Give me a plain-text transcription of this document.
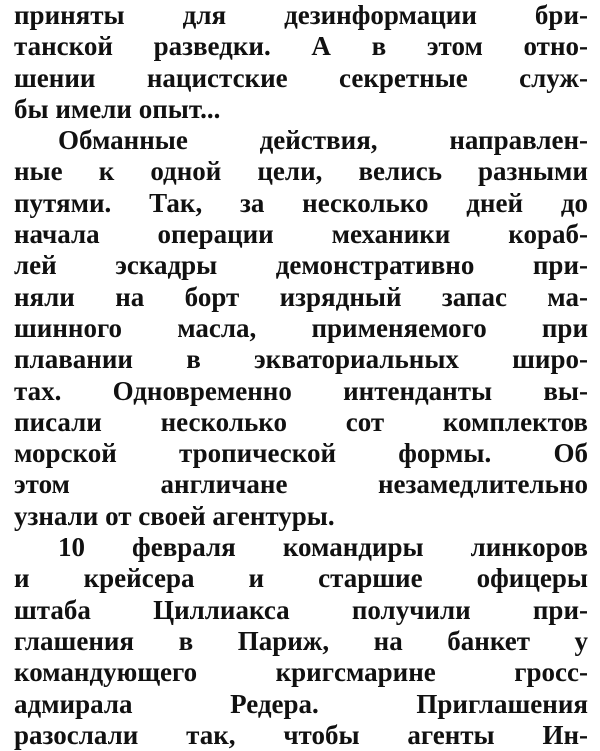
приняты для дезинформации бри-
танской разведки. А в этом отно-
шении нацистские секретные служ-
бы имели опыт...
Обманные действия, направлен-
ные к одной цели, велись разными
путями. Так, за несколько дней до
начала операции механики кораб-
лей эскадры демонстративно при-
няли на борт изрядный запас ма-
шинного масла, применяемого при
плавании в экваториальных широ-
тах. Одновременно интенданты вы-
писали несколько сот комплектов
морской тропической формы. Об
этом англичане незамедлительно
узнали от своей агентуры.
10 февраля командиры линкоров
и крейсера и старшие офицеры
штаба Циллиакса получили при-
глашения в Париж, на банкет у
командующего кригсмарине гросс-
адмирала Редера. Приглашения
разослали так, чтобы агенты Ин-
